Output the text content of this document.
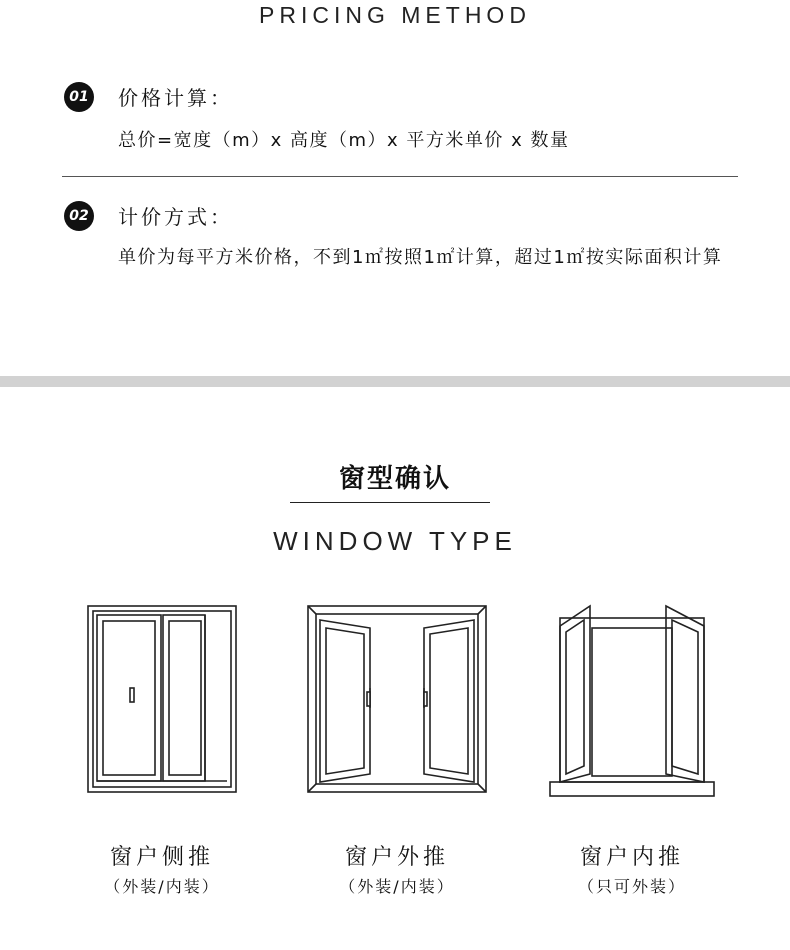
PRICING METHOD
01 价格计算：
总价=宽度（m）x 高度（m）x 平方米单价 x 数量
02 计价方式：
单价为每平方米价格，不到1㎡按照1㎡计算，超过1㎡按实际面积计算
窗型确认
WINDOW TYPE
窗户侧推
（外装/内装）
窗户外推
（外装/内装）
窗户内推
（只可外装）
